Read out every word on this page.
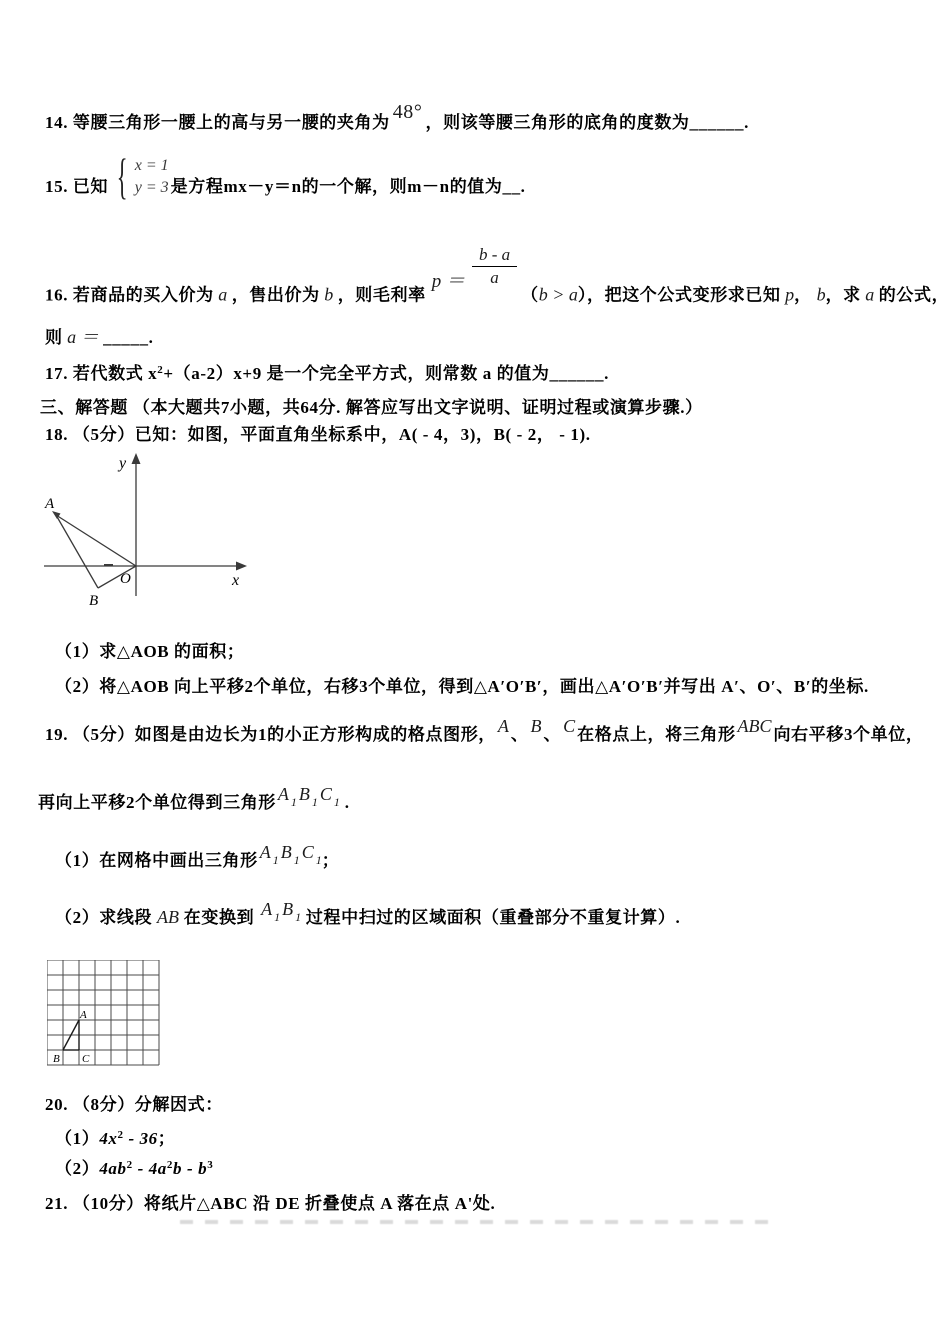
14. 等腰三角形一腰上的高与另一腰的夹角为 48° ，则该等腰三角形的底角的度数为______.
15. 已知 { x = 1
y = 3 是方程 mx－y＝n 的一个解，则 m－n 的值为__.
16. 若商品的买入价为 a ，售出价为 b ，则毛利率$p = \frac{b - a}{a}$
（b > a），把这个公式变形求已知 p， b，求 a 的公式，
则 a ＝ _____.
17. 若代数式 $x^2+(a-2)x+9$ 是一个完全平方式，则常数 a 的值为______.
三、解答题 （本大题共7小题，共64分. 解答应写出文字说明、证明过程或演算步骤.）
18. （5分）已知：如图，平面直角坐标系中，A( - 4，3)，B( - 2， - 1).
y
x
O
A
B
（1）求△AOB 的面积；
（2）将△AOB 向上平移2个单位，右移3个单位，得到△A′O′B′，画出△A′O′B′并写出 A′、O′、B′的坐标.
19. （5分）如图是由边长为1的小正方形构成的格点图形， A 、 B 、 C 在格点上，将三角形 ABC 向右平移3个单位，
再向上平移2个单位得到三角形 A 1 B 1 C 1 .
（1）在网格中画出三角形 A 1 B 1 C 1；
（2）求线段 AB 在变换到 A 1 B 1 过程中扫过的区域面积（重叠部分不重复计算）.
A
B C
20. （8分）分解因式：
$(1)4x^2 - 36$；
$(2)4ab^2 - 4a^2b - b^3$
21. （10分）将纸片△ABC 沿 DE 折叠使点 A 落在点 A'处.
